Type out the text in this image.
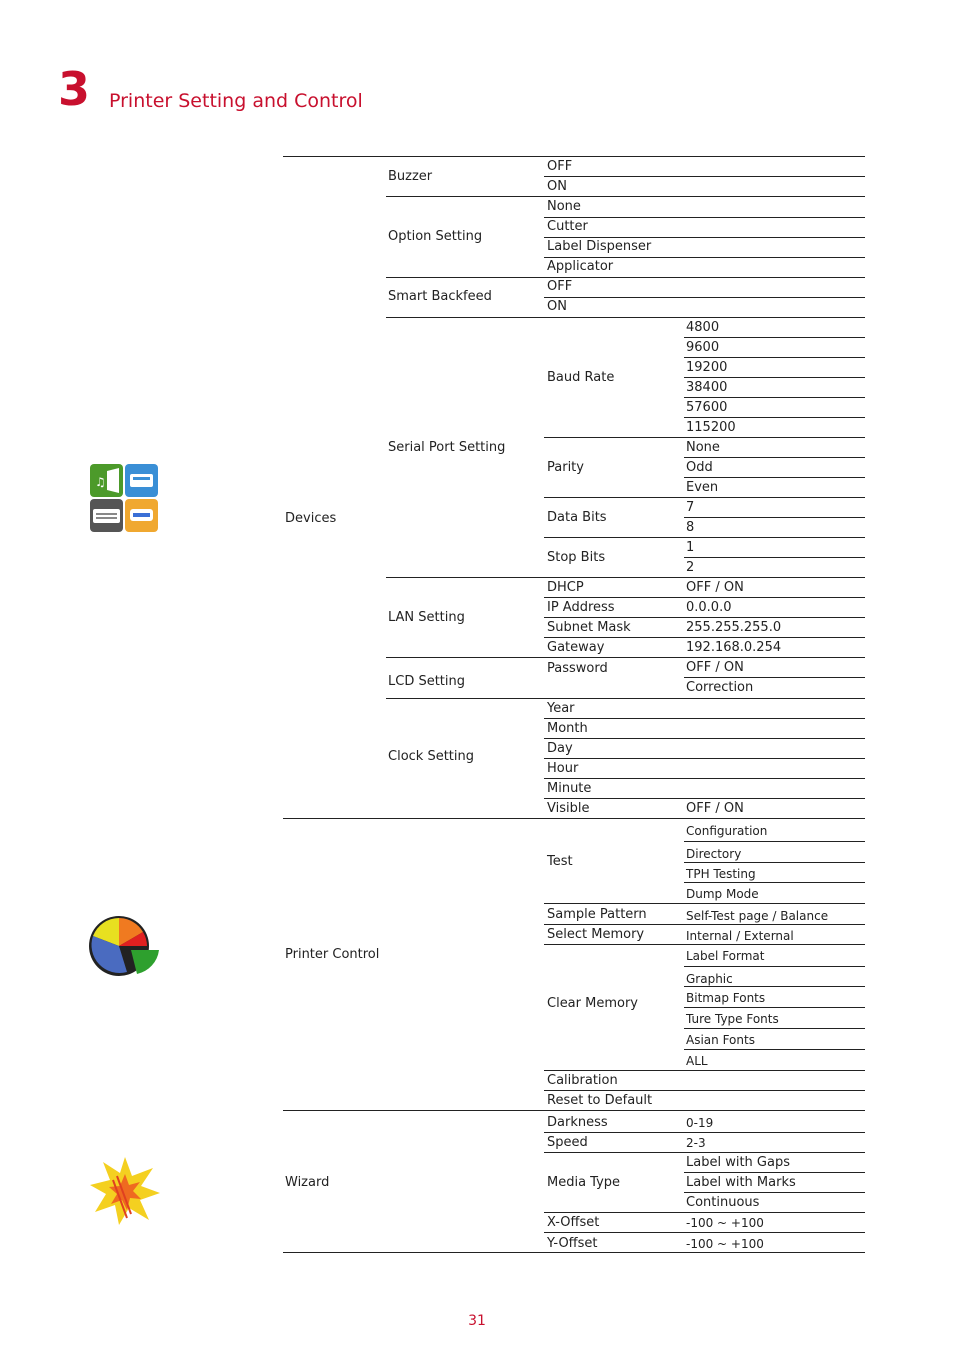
3 Printer Setting and Control
♫
Devices
Printer Control
Wizard
Buzzer
Option Setting
Smart Backfeed
Serial Port Setting
LAN Setting
LCD Setting
Clock Setting
OFF
ON
None
Cutter
Label Dispenser
Applicator
OFF
ON
Baud Rate
Parity
Data Bits
Stop Bits
DHCP
IP Address
Subnet Mask
Gateway
Password
Year
Month
Day
Hour
Minute
Visible
Test
Sample Pattern
Select Memory
Clear Memory
Calibration
Reset to Default
Darkness
Speed
Media Type
X-Offset
Y-Offset
4800
9600
19200
38400
57600
115200
None
Odd
Even
7
8
1
2
OFF / ON
0.0.0.0
255.255.255.0
192.168.0.254
OFF / ON
Correction
OFF / ON
Configuration
Directory
TPH Testing
Dump Mode
Self-Test page / Balance
Internal / External
Label Format
Graphic
Bitmap Fonts
Ture Type Fonts
Asian Fonts
ALL
0-19
2-3
Label with Gaps
Label with Marks
Continuous
-100 ~ +100
-100 ~ +100
31
